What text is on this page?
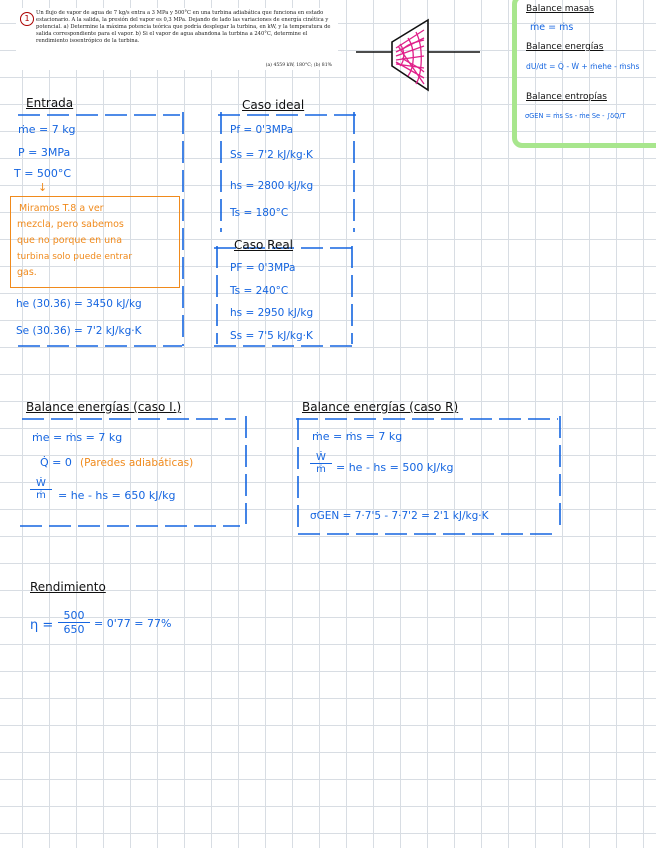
1
Un flujo de vapor de agua de 7 kg/s entra a 3 MPa y 500°C en una turbina adiabática que funciona en estado estacionario. A la salida, la presión del vapor es 0,3 MPa. Dejando de lado las variaciones de energía cinética y potencial. a) Determine la máxima potencia teórica que podría desplegar la turbina, en kW, y la temperatura de salida correspondiente para el vapor. b) Si el vapor de agua abandona la turbina a 240°C, determine el rendimiento isoentrópico de la turbina.
(a) 4559 kW, 180°C; (b) 81%
Balance masas
ṁe = ṁs
Balance energías
dU/dt = Q̇ - Ẇ + ṁehe - ṁshs
Balance entropías
σGEN = ṁs Ss - ṁe Se - ∫δQ/T
Entrada
ṁe = 7 kg
P = 3MPa
T = 500°C
↓
Miramos T.8 a ver
mezcla, pero sabemos
que no porque en una
turbina solo puede entrar
gas.
he (30.36) = 3450 kJ/kg
Se (30.36) = 7'2 kJ/kg·K
Caso ideal
Pf = 0'3MPa
Ss = 7'2 kJ/kg·K
hs = 2800 kJ/kg
Ts = 180°C
Caso Real
PF = 0'3MPa
Ts = 240°C
hs = 2950 kJ/kg
Ss = 7'5 kJ/kg·K
Balance energías (caso I.)
ṁe = ṁs = 7 kg
Q̇ = 0 (Paredes adiabáticas)
$\frac{\text{Ẇ}}{\text{ṁ}}$ = he - hs = 650 kJ/kg
Balance energías (caso R)
ṁe = ṁs = 7 kg
$\frac{\text{Ẇ}}{\text{ṁ}}$ = he - hs = 500 kJ/kg
σGEN = 7·7'5 - 7·7'2 = 2'1 kJ/kg·K
Rendimiento
$\eta = \frac{500}{650} = 0'77 = 77\%$
